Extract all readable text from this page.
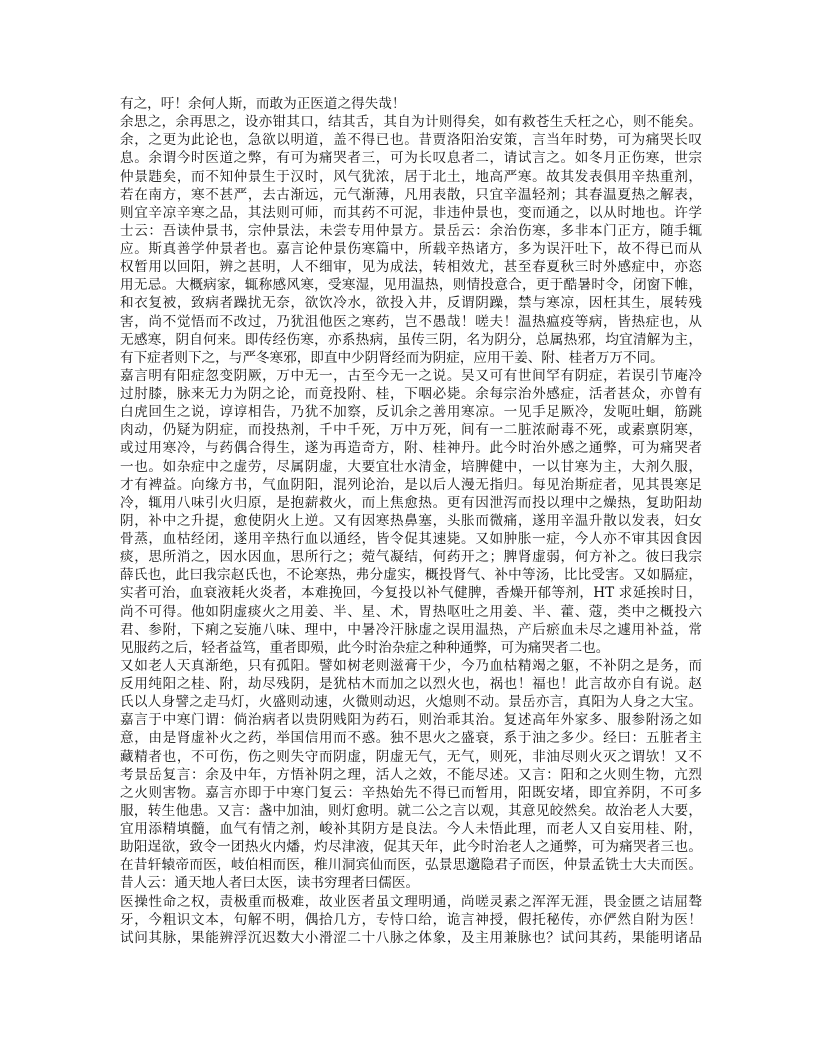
有之，吁！余何人斯，而敢为正医道之得失哉！
余思之，余再思之，设亦钳其口，结其舌，其自为计则得矣，如有救苍生夭枉之心，则不能矣。
余，之更为此论也，急欲以明道，盖不得已也。昔贾洛阳治安策，言当年时势，可为痛哭长叹
息。余谓今时医道之弊，有可为痛哭者三，可为长叹息者二，请试言之。如冬月正伤寒，世宗
仲景韪矣，而不知仲景生于汉时，风气犹浓，居于北土，地高严寒。故其发表俱用辛热重剂，
若在南方，寒不甚严，去古渐远，元气渐薄，凡用表散，只宜辛温轻剂；其春温夏热之解表，
则宜辛凉辛寒之品，其法则可师，而其药不可泥，非违仲景也，变而通之，以从时地也。许学
士云：吾读仲景书，宗仲景法，未尝专用仲景方。景岳云：余治伤寒，多非本门正方，随手辄
应。斯真善学仲景者也。嘉言论仲景伤寒篇中，所载辛热诸方，多为误汗吐下，故不得已而从
权暂用以回阳，辨之甚明，人不细审，见为成法，转相效尤，甚至春夏秋三时外感症中，亦恣
用无忌。大概病家，辄称感风寒，受寒湿，见用温热，则情投意合，更于酷暑时令，闭窗下帷，
和衣复被，致病者躁扰无奈，欲饮冷水，欲投入井，反谓阴躁，禁与寒凉，因枉其生，展转残
害，尚不觉悟而不改过，乃犹沮他医之寒药，岂不愚哉！嗟夫！温热瘟疫等病，皆热症也，从
无感寒，阴自何来。即传经伤寒，亦系热病，虽传三阴，名为阴分，总属热邪，均宜清解为主，
有下症者则下之，与严冬寒邪，即直中少阴肾经而为阴症，应用干姜、附、桂者万万不同。
嘉言明有阳症忽变阴厥，万中无一，古至今无一之说。吴又可有世间罕有阴症，若误引节庵冷
过肘膝，脉来无力为阴之论，而竟投附、桂，下咽必毙。余每宗治外感症，活者甚众，亦曾有
白虎回生之说，谆谆相告，乃犹不加察，反讥余之善用寒凉。一见手足厥冷，发呃吐蛔，筋跳
肉动，仍疑为阴症，而投热剂，千中千死，万中万死，间有一二脏浓耐毒不死，或素禀阴寒，
或过用寒冷，与药偶合得生，遂为再造奇方，附、桂神丹。此今时治外感之通弊，可为痛哭者
一也。如杂症中之虚劳，尽属阴虚，大要宜壮水清金，培脾健中，一以甘寒为主，大剂久服，
才有裨益。向缘方书，气血阴阳，混列论治，是以后人漫无指归。每见治斯症者，见其畏寒足
冷，辄用八味引火归原，是抱薪救火，而上焦愈热。更有因泄泻而投以理中之燥热，复助阳劫
阴，补中之升提，愈使阴火上逆。又有因寒热鼻塞，头胀而微痛，遂用辛温升散以发表，妇女
骨蒸，血枯经闭，遂用辛热行血以通经，皆令促其速毙。又如肿胀一症，今人亦不审其因食因
痰，思所消之，因水因血，思所行之；菀气凝结，何药开之；脾肾虚弱，何方补之。彼曰我宗
薛氏也，此曰我宗赵氏也，不论寒热，弗分虚实，概投肾气、补中等汤，比比受害。又如膈症，
实者可治，血衰液耗火炎者，本难挽回，今复投以补气健脾，香燥开郁等剂，HT 求延挨时日，
尚不可得。他如阴虚痰火之用姜、半、星、术，胃热呕吐之用姜、半、藿、蔻，类中之概投六
君、参附，下痢之妄施八味、理中，中暑冷汗脉虚之误用温热，产后瘀血未尽之遽用补益，常
见服药之后，轻者益笃，重者即殒，此今时治杂症之种种通弊，可为痛哭者二也。
又如老人天真渐绝，只有孤阳。譬如树老则滋膏干少，今乃血枯精竭之躯，不补阴之是务，而
反用纯阳之桂、附，劫尽残阴，是犹枯木而加之以烈火也，祸也！福也！此言故亦自有说。赵
氏以人身譬之走马灯，火盛则动速，火微则动迟，火熄则不动。景岳亦言，真阳为人身之大宝。
嘉言于中寒门谓：倘治病者以贵阴贱阳为药石，则治乖其治。复述高年外家多、服参附汤之如
意，由是肾虚补火之药，举国信用而不惑。独不思火之盛衰，系于油之多少。经曰：五脏者主
藏精者也，不可伤，伤之则失守而阴虚，阴虚无气，无气，则死，非油尽则火灭之谓欤！又不
考景岳复言：余及中年，方悟补阴之理，活人之效，不能尽述。又言：阳和之火则生物，亢烈
之火则害物。嘉言亦即于中寒门复云：辛热始先不得已而暂用，阳既安堵，即宜养阴，不可多
服，转生他患。又言：盏中加油，则灯愈明。就二公之言以观，其意见皎然矣。故治老人大要，
宜用添精填髓，血气有情之剂，峻补其阴方是良法。今人未悟此理，而老人又自妄用桂、附，
助阳逞欲，致令一团热火内燔，灼尽津液，促其天年，此今时治老人之通弊，可为痛哭者三也。
在昔轩辕帝而医，岐伯相而医，稚川洞宾仙而医，弘景思邈隐君子而医，仲景孟铣士大夫而医。
昔人云：通天地人者曰太医，读书穷理者曰儒医。
医操性命之权，责极重而极难，故业医者虽文理明通，尚嗟灵素之浑浑无涯，畏金匮之诘屈聱
牙，今粗识文本，句解不明，偶拾几方，专恃口给，诡言神授，假托秘传，亦俨然自附为医！
试问其脉，果能辨浮沉迟数大小滑涩二十八脉之体象，及主用兼脉也？试问其药，果能明诸品
